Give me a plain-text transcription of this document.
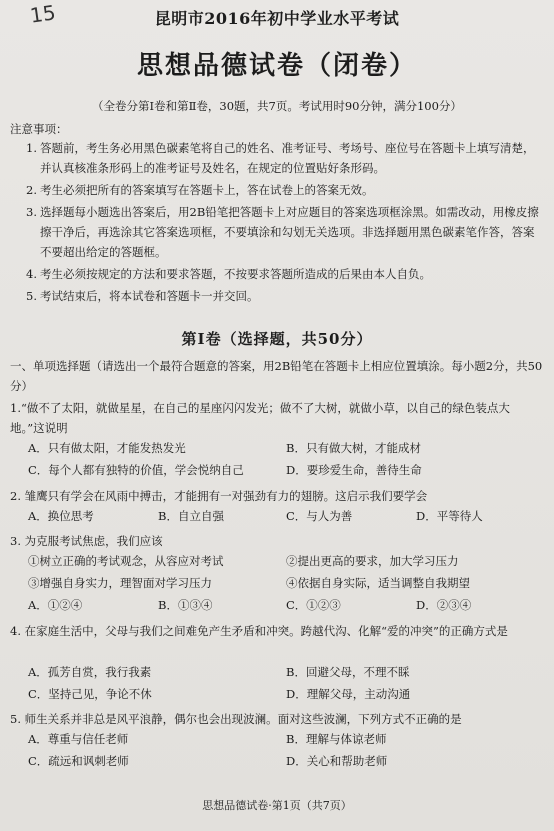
15	昆明市2016年初中学业水平考试
思想品德试卷（闭卷）
（全卷分第Ⅰ卷和第Ⅱ卷，30题，共7页。考试用时90分钟，满分100分）
注意事项：
1. 答题前，考生务必用黑色碳素笔将自己的姓名、准考证号、考场号、座位号在答题卡上填写清楚，并认真核准条形码上的准考证号及姓名，在规定的位置贴好条形码。
2. 考生必须把所有的答案填写在答题卡上，答在试卷上的答案无效。
3. 选择题每小题选出答案后，用2B铅笔把答题卡上对应题目的答案选项框涂黑。如需改动，用橡皮擦擦干净后，再选涂其它答案选项框，不要填涂和勾划无关选项。非选择题用黑色碳素笔作答，答案不要超出给定的答题框。
4. 考生必须按规定的方法和要求答题，不按要求答题所造成的后果由本人自负。
5. 考试结束后，将本试卷和答题卡一并交回。
第Ⅰ卷（选择题，共50分）
一、单项选择题（请选出一个最符合题意的答案，用2B铅笔在答题卡上相应位置填涂。每小题2分，共50分）
1.“做不了太阳，就做星星，在自己的星座闪闪发光；做不了大树，就做小草，以自己的绿色装点大地。”这说明
A．只有做太阳，才能发热发光	B．只有做大树，才能成材
C．每个人都有独特的价值，学会悦纳自己	D．要珍爱生命，善待生命
2. 雏鹰只有学会在风雨中搏击，才能拥有一对强劲有力的翅膀。这启示我们要学会
A．换位思考	B．自立自强	C．与人为善	D．平等待人
3. 为克服考试焦虑，我们应该
①树立正确的考试观念，从容应对考试	②提出更高的要求，加大学习压力
③增强自身实力，理智面对学习压力	④依据自身实际，适当调整自我期望
A．①②④	B．①③④	C．①②③	D．②③④
4. 在家庭生活中，父母与我们之间难免产生矛盾和冲突。跨越代沟、化解“爱的冲突”的正确方式是
A．孤芳自赏，我行我素	B．回避父母，不理不睬
C．坚持己见，争论不休	D．理解父母，主动沟通
5. 师生关系并非总是风平浪静，偶尔也会出现波澜。面对这些波澜，下列方式不正确的是
A．尊重与信任老师	B．理解与体谅老师
C．疏远和讽刺老师	D．关心和帮助老师
思想品德试卷·第1页（共7页）
